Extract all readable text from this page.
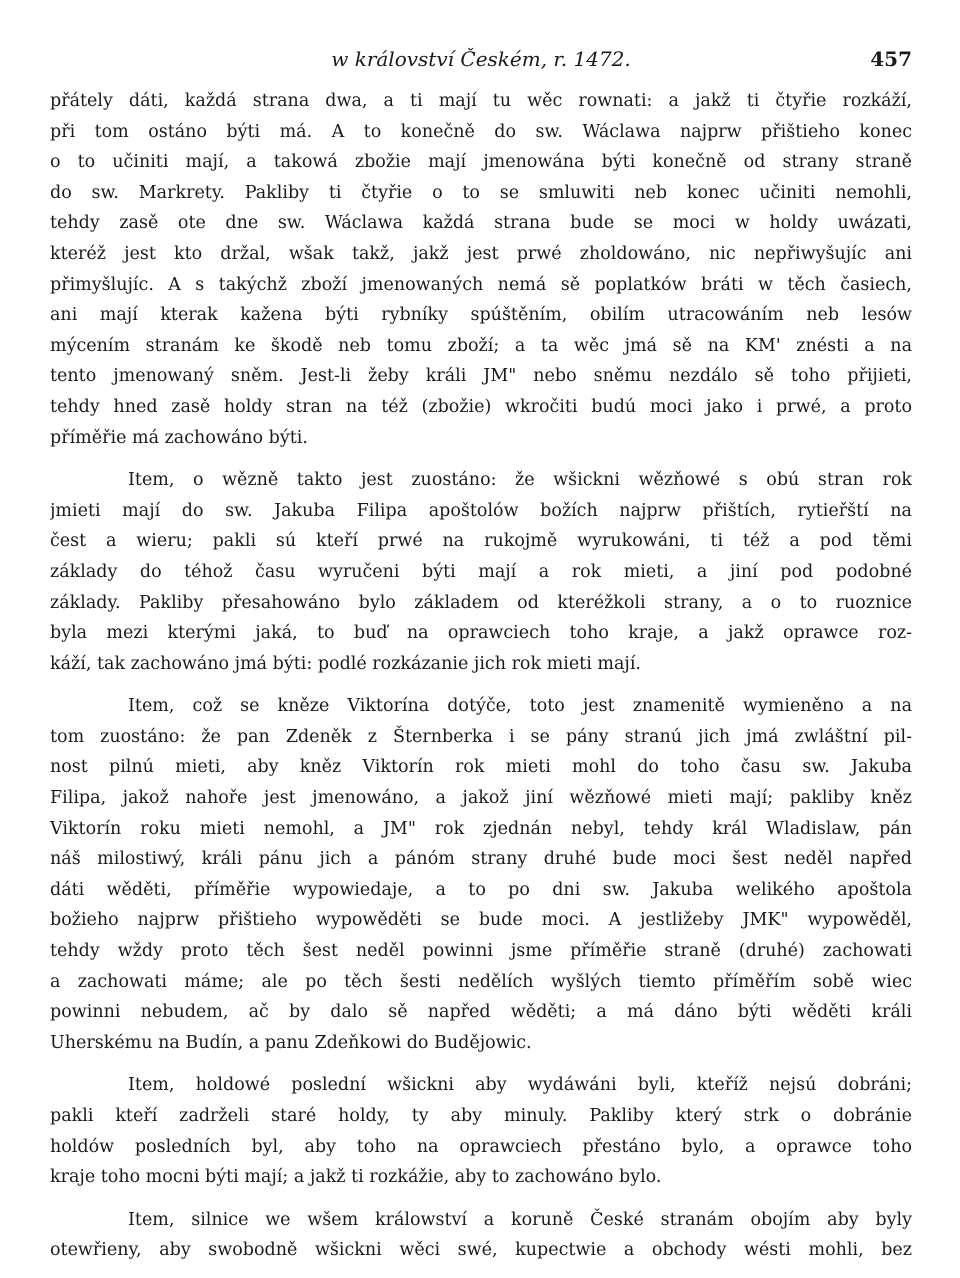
w království Českém, r. 1472.	457
přátely dáti, každá strana dwa, a ti mají tu wěc rownati: a jakž ti čtyřie rozkáží,
při tom ostáno býti má. A to konečně do sw. Wáclawa najprw přištieho konec
o to učiniti mají, a takowá zbožie mají jmenowána býti konečně od strany straně
do sw. Markrety. Pakliby ti čtyřie o to se smluwiti neb konec učiniti nemohli,
tehdy zasě ote dne sw. Wáclawa každá strana bude se moci w holdy uwázati,
kteréž jest kto držal, wšak takž, jakž jest prwé zholdowáno, nic nepřiwyšujíc ani
přimyšlujíc. A s takýchž zboží jmenowaných nemá sě poplatków bráti w těch časiech,
ani mají kterak kažena býti rybníky spúštěním, obilím utracowáním neb lesów
mýcením stranám ke škodě neb tomu zboží; a ta wěc jmá sě na KM' znésti a na
tento jmenowaný sněm. Jest-li žeby králi JM" nebo sněmu nezdálo sě toho přijieti,
tehdy hned zasě holdy stran na též (zbožie) wkročiti budú moci jako i prwé, a proto
příměřie má zachowáno býti.
Item, o wězně takto jest zuostáno: že wšickni wězňowé s obú stran rok
jmieti mají do sw. Jakuba Filipa apoštolów božích najprw přištích, rytieřští na
čest a wieru; pakli sú kteří prwé na rukojmě wyrukowáni, ti též a pod těmi
základy do téhož času wyručeni býti mají a rok mieti, a jiní pod podobné
základy. Pakliby přesahowáno bylo základem od kteréžkoli strany, a o to ruoznice
byla mezi kterými jaká, to buď na oprawciech toho kraje, a jakž oprawce roz-
káží, tak zachowáno jmá býti: podlé rozkázanie jich rok mieti mají.
Item, což se kněze Viktorína dotýče, toto jest znamenitě wymieněno a na
tom zuostáno: že pan Zdeněk z Šternberka i se pány stranú jich jmá zwláštní pil-
nost pilnú mieti, aby kněz Viktorín rok mieti mohl do toho času sw. Jakuba
Filipa, jakož nahoře jest jmenowáno, a jakož jiní wězňowé mieti mají; pakliby kněz
Viktorín roku mieti nemohl, a JM" rok zjednán nebyl, tehdy král Wladislaw, pán
náš milostiwý, králi pánu jich a pánóm strany druhé bude moci šest neděl napřed
dáti wěděti, příměřie wypowiedaje, a to po dni sw. Jakuba welikého apoštola
božieho najprw přištieho wypowěděti se bude moci. A jestližeby JMK" wypowěděl,
tehdy wždy proto těch šest neděl powinni jsme příměřie straně (druhé) zachowati
a zachowati máme; ale po těch šesti nedělích wyšlých tiemto příměřím sobě wiec
powinni nebudem, ač by dalo sě napřed wěděti; a má dáno býti wěděti králi
Uherskému na Budín, a panu Zdeňkowi do Budějowic.
Item, holdowé poslední wšickni aby wydáwáni byli, kteříž nejsú dobráni;
pakli kteří zadrželi staré holdy, ty aby minuly. Pakliby který strk o dobránie
holdów posledních byl, aby toho na oprawciech přestáno bylo, a oprawce toho
kraje toho mocni býti mají; a jakž ti rozkážie, aby to zachowáno bylo.
Item, silnice we wšem králowství a koruně České stranám obojím aby byly
otewřieny, aby swobodně wšickni wěci swé, kupectwie a obchody wésti mohli, bez
